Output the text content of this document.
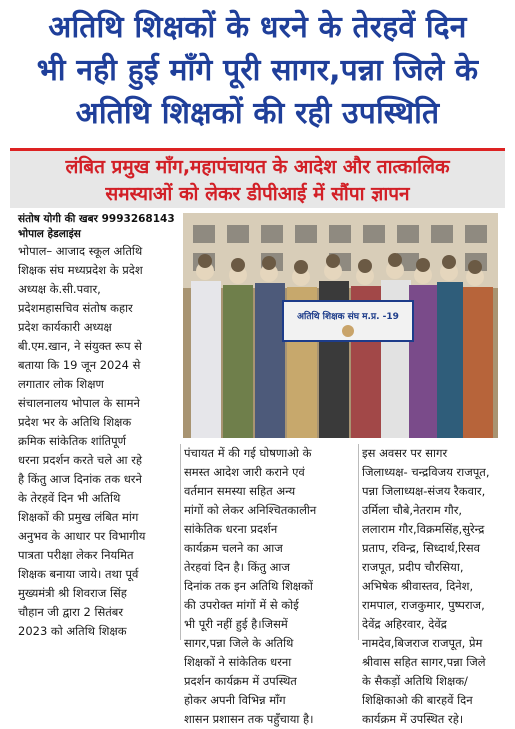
अतिथि शिक्षकों के धरने के तेरहवें दिन
भी नही हुई माँगे पूरी सागर,पन्ना जिले के
अतिथि शिक्षकों की रही उपस्थिति
लंबित प्रमुख माँग,महापंचायत के आदेश और तात्कालिक
समस्याओं को लेकर डीपीआई में सौंपा ज्ञापन
संतोष योगी की खबर 9993268143
भोपाल हेडलाइंस
अतिथि शिक्षक संघ म.प्र. -19
भोपाल– आजाद स्कूल अतिथि
शिक्षक संघ मध्यप्रदेश के प्रदेश
अध्यक्ष के.सी.पवार,
प्रदेशमहासचिव संतोष कहार
प्रदेश कार्यकारी अध्यक्ष
बी.एम.खान, ने संयुक्त रूप से
बताया कि 19 जून 2024 से
लगातार लोक शिक्षण
संचालनालय भोपाल के सामने
प्रदेश भर के अतिथि शिक्षक
क्रमिक सांकेतिक शांतिपूर्ण
धरना प्रदर्शन करते चले आ रहे
है किंतु आज दिनांक तक धरने
के तेरहवें दिन भी अतिथि
शिक्षकों की प्रमुख लंबित मांग
अनुभव के आधार पर विभागीय
पात्रता परीक्षा लेकर नियमित
शिक्षक बनाया जाये। तथा पूर्व
मुख्यमंत्री श्री शिवराज सिंह
चौहान जी द्वारा 2 सितंबर
2023 को अतिथि शिक्षक
पंचायत में की गई घोषणाओ के
समस्त आदेश जारी कराने एवं
वर्तमान समस्या सहित अन्य
मांगों को लेकर अनिश्चितकालीन
सांकेतिक धरना प्रदर्शन
कार्यक्रम चलने का आज
तेरहवां दिन है। किंतु आज
दिनांक तक इन अतिथि शिक्षकों
की उपरोक्त मांगों में से कोई
भी पूरी नहीं हुई है।जिसमें
सागर,पन्ना जिले के अतिथि
शिक्षकों ने सांकेतिक धरना
प्रदर्शन कार्यक्रम में उपस्थित
होकर अपनी विभिन्न माँग
शासन प्रशासन तक पहुँचाया है।
इस अवसर पर सागर
जिलाध्यक्ष- चन्द्रविजय राजपूत,
पन्ना जिलाध्यक्ष-संजय रैकवार,
उर्मिला चौबे,नेतराम गौर,
ललाराम गौर,विक्रमसिंह,सुरेन्द्र
प्रताप, रविन्द्र, सिध्दार्थ,रिसव
राजपूत, प्रदीप चौरसिया,
अभिषेक श्रीवास्तव, दिनेश,
रामपाल, राजकुमार, पुष्पराज,
देवेंद्र अहिरवार, देवेंद्र
नामदेव,बिजराज राजपूत, प्रेम
श्रीवास सहित सागर,पन्ना जिले
के सैकड़ों अतिथि शिक्षक/
शिक्षिकाओ की बारहवें दिन
कार्यक्रम में उपस्थित रहे।
